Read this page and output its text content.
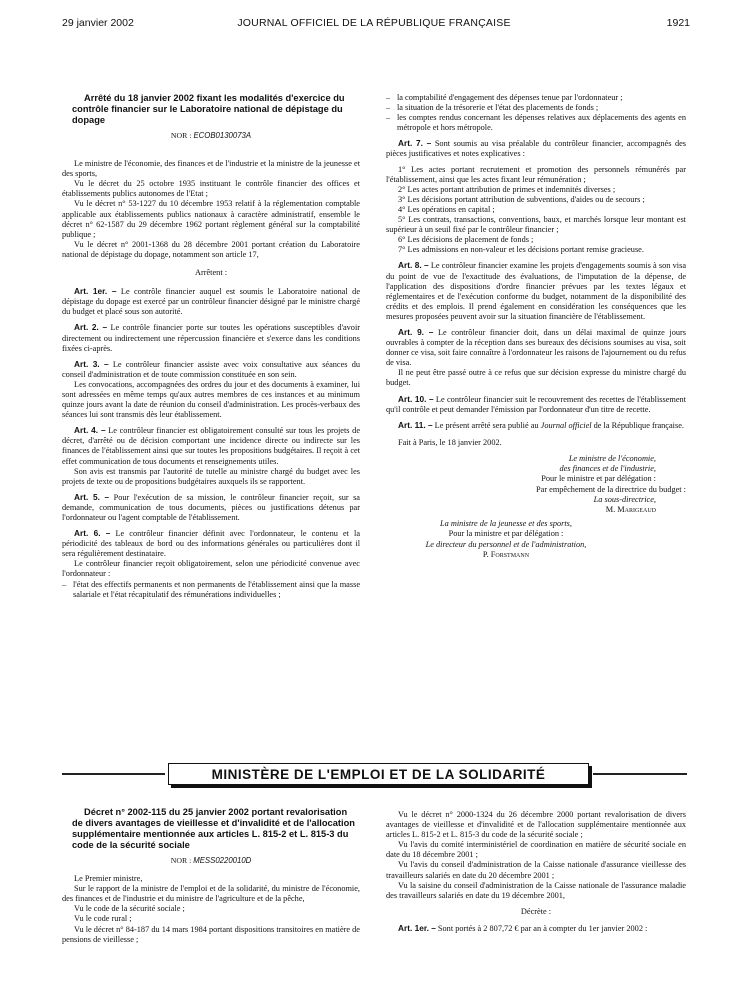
JOURNAL OFFICIEL DE LA RÉPUBLIQUE FRANÇAISE
29 janvier 2002	1921

Arrêté du 18 janvier 2002 fixant les modalités d'exercice du contrôle financier sur le Laboratoire national de dépistage du dopage

NOR : ECOB0130073A

Le ministre de l'économie, des finances et de l'industrie et la ministre de la jeunesse et des sports,

Vu le décret du 25 octobre 1935 instituant le contrôle financier des offices et établissements publics autonomes de l'Etat ;

Vu le décret n° 53-1227 du 10 décembre 1953 relatif à la réglementation comptable applicable aux établissements publics nationaux à caractère administratif, ensemble le décret n° 62-1587 du 29 décembre 1962 portant règlement général sur la comptabilité publique ;

Vu le décret n° 2001-1368 du 28 décembre 2001 portant création du Laboratoire national de dépistage du dopage, notamment son article 17,

Arrêtent :

Art. 1er. – Le contrôle financier auquel est soumis le Laboratoire national de dépistage du dopage est exercé par un contrôleur financier désigné par le ministre chargé du budget et placé sous son autorité.

Art. 2. – Le contrôle financier porte sur toutes les opérations susceptibles d'avoir directement ou indirectement une répercussion financière et s'exerce dans les conditions fixées ci-après.

Art. 3. – Le contrôleur financier assiste avec voix consultative aux séances du conseil d'administration et de toute commission constituée en son sein.

Les convocations, accompagnées des ordres du jour et des documents à examiner, lui sont adressées en même temps qu'aux autres membres de ces instances et au minimum quinze jours avant la date de réunion du conseil d'administration. Les procès-verbaux des séances lui sont transmis dès leur établissement.

Art. 4. – Le contrôleur financier est obligatoirement consulté sur tous les projets de décret, d'arrêté ou de décision comportant une incidence directe ou indirecte sur les finances de l'établissement ainsi que sur toutes les propositions budgétaires. Il reçoit à cet effet communication de tous documents et renseignements utiles.

Son avis est transmis par l'autorité de tutelle au ministre chargé du budget avec les projets de texte ou de propositions budgétaires auxquels ils se rapportent.

Art. 5. – Pour l'exécution de sa mission, le contrôleur financier reçoit, sur sa demande, communication de tous documents, pièces ou justifications détenus par l'ordonnateur ou l'agent comptable de l'établissement.

Art. 6. – Le contrôleur financier définit avec l'ordonnateur, le contenu et la périodicité des tableaux de bord ou des informations générales ou particulières dont il sera régulièrement destinataire.

Le contrôleur financier reçoit obligatoirement, selon une périodicité convenue avec l'ordonnateur :

– l'état des effectifs permanents et non permanents de l'établissement ainsi que la masse salariale et l'état récapitulatif des rémunérations individuelles ;

– la comptabilité d'engagement des dépenses tenue par l'ordonnateur ;

– la situation de la trésorerie et l'état des placements de fonds ;

– les comptes rendus concernant les dépenses relatives aux déplacements des agents en métropole et hors métropole.

Art. 7. – Sont soumis au visa préalable du contrôleur financier, accompagnés des pièces justificatives et notes explicatives :

1° Les actes portant recrutement et promotion des personnels rémunérés par l'établissement, ainsi que les actes fixant leur rémunération ;

2° Les actes portant attribution de primes et indemnités diverses ;

3° Les décisions portant attribution de subventions, d'aides ou de secours ;

4° Les opérations en capital ;

5° Les contrats, transactions, conventions, baux, et marchés lorsque leur montant est supérieur à un seuil fixé par le contrôleur financier ;

6° Les décisions de placement de fonds ;

7° Les admissions en non-valeur et les décisions portant remise gracieuse.

Art. 8. – Le contrôleur financier examine les projets d'engagements soumis à son visa du point de vue de l'exactitude des évaluations, de l'imputation de la dépense, de l'application des dispositions d'ordre financier prévues par les textes légaux et réglementaires et de l'exécution conforme du budget, notamment de la disponibilité des crédits et des emplois. Il prend également en considération les conséquences que les mesures proposées peuvent avoir sur la situation financière de l'établissement.

Art. 9. – Le contrôleur financier doit, dans un délai maximal de quinze jours ouvrables à compter de la réception dans ses bureaux des décisions soumises au visa, soit donner ce visa, soit faire connaître à l'ordonnateur les raisons de l'ajournement ou du refus de visa.

Il ne peut être passé outre à ce refus que sur décision expresse du ministre chargé du budget.

Art. 10. – Le contrôleur financier suit le recouvrement des recettes de l'établissement qu'il contrôle et peut demander l'émission par l'ordonnateur d'un titre de recette.

Art. 11. – Le présent arrêté sera publié au Journal officiel de la République française.

Fait à Paris, le 18 janvier 2002.

Le ministre de l'économie,
des finances et de l'industrie,
Pour le ministre et par délégation :
Par empêchement de la directrice du budget :
La sous-directrice,
M. Marigeaud
La ministre de la jeunesse et des sports,
Pour la ministre et par délégation :
Le directeur du personnel et de l'administration,
P. Forstmann
MINISTÈRE DE L'EMPLOI ET DE LA SOLIDARITÉ

Décret n° 2002-115 du 25 janvier 2002 portant revalorisation de divers avantages de vieillesse et d'invalidité et de l'allocation supplémentaire mentionnée aux articles L. 815-2 et L. 815-3 du code de la sécurité sociale

NOR : MESS0220010D

Le Premier ministre,

Sur le rapport de la ministre de l'emploi et de la solidarité, du ministre de l'économie, des finances et de l'industrie et du ministre de l'agriculture et de la pêche,

Vu le code de la sécurité sociale ;

Vu le code rural ;

Vu le décret n° 84-187 du 14 mars 1984 portant dispositions transitoires en matière de pensions de vieillesse ;

Vu le décret n° 2000-1324 du 26 décembre 2000 portant revalorisation de divers avantages de vieillesse et d'invalidité et de l'allocation supplémentaire mentionnée aux articles L. 815-2 et L. 815-3 du code de la sécurité sociale ;

Vu l'avis du comité interministériel de coordination en matière de sécurité sociale en date du 18 décembre 2001 ;

Vu l'avis du conseil d'administration de la Caisse nationale d'assurance vieillesse des travailleurs salariés en date du 20 décembre 2001 ;

Vu la saisine du conseil d'administration de la Caisse nationale de l'assurance maladie des travailleurs salariés en date du 19 décembre 2001,

Décrète :

Art. 1er. – Sont portés à 2 807,72 € par an à compter du 1er janvier 2002 :
